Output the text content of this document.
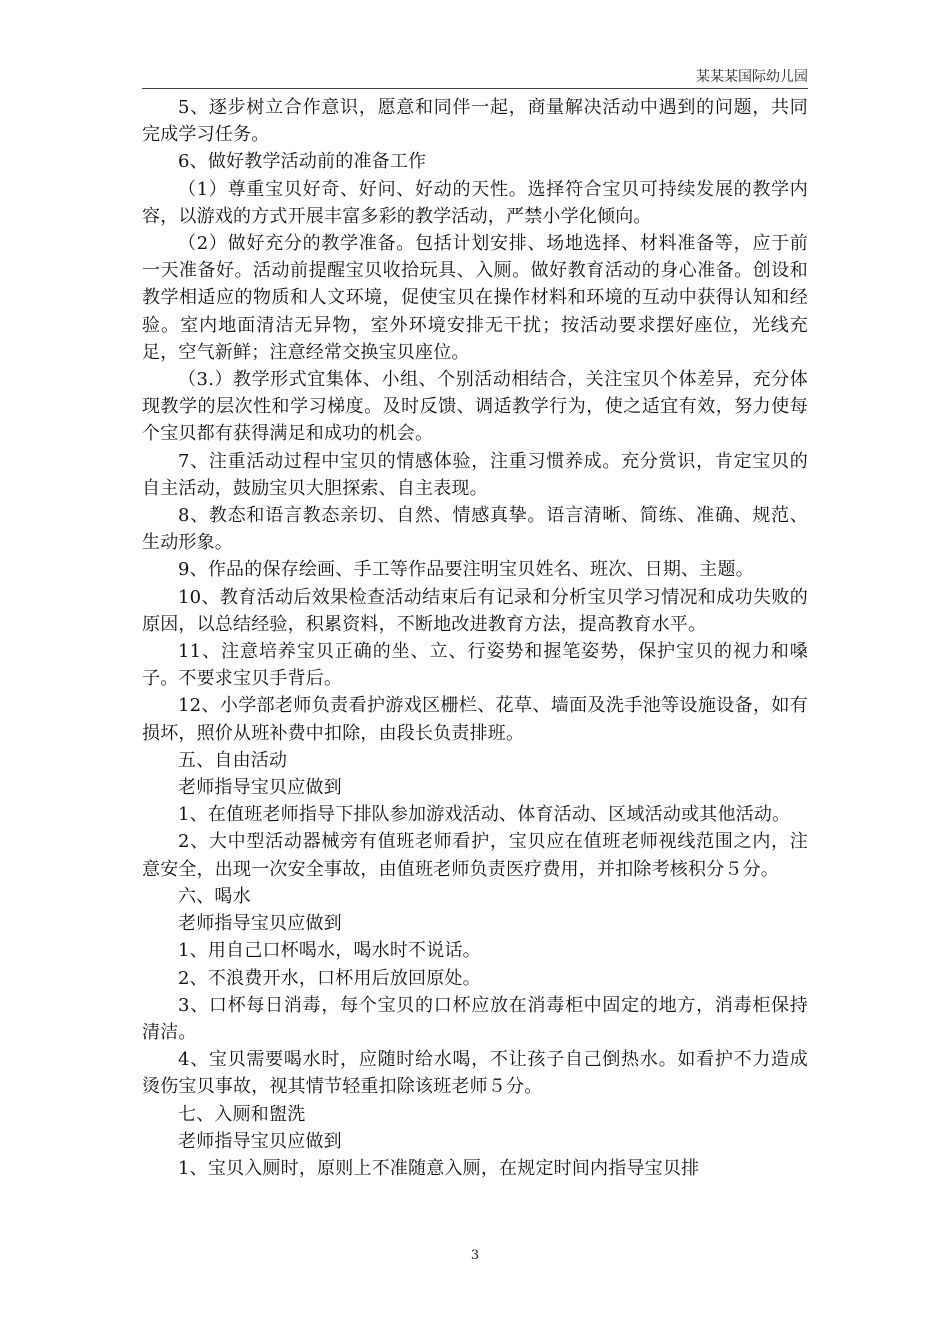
某某某国际幼儿园

5、逐步树立合作意识，愿意和同伴一起，商量解决活动中遇到的问题，共同完成学习任务。

6、做好教学活动前的准备工作

（1）尊重宝贝好奇、好问、好动的天性。选择符合宝贝可持续发展的教学内容，以游戏的方式开展丰富多彩的教学活动，严禁小学化倾向。

（2）做好充分的教学准备。包括计划安排、场地选择、材料准备等，应于前一天准备好。活动前提醒宝贝收拾玩具、入厕。做好教育活动的身心准备。创设和教学相适应的物质和人文环境，促使宝贝在操作材料和环境的互动中获得认知和经验。室内地面清洁无异物，室外环境安排无干扰；按活动要求摆好座位，光线充足，空气新鲜；注意经常交换宝贝座位。

（3.）教学形式宜集体、小组、个别活动相结合，关注宝贝个体差异，充分体现教学的层次性和学习梯度。及时反馈、调适教学行为，使之适宜有效，努力使每个宝贝都有获得满足和成功的机会。

7、注重活动过程中宝贝的情感体验，注重习惯养成。充分赏识，肯定宝贝的自主活动，鼓励宝贝大胆探索、自主表现。

8、教态和语言教态亲切、自然、情感真挚。语言清晰、简练、准确、规范、生动形象。

9、作品的保存绘画、手工等作品要注明宝贝姓名、班次、日期、主题。

10、教育活动后效果检查活动结束后有记录和分析宝贝学习情况和成功失败的原因，以总结经验，积累资料，不断地改进教育方法，提高教育水平。

11、注意培养宝贝正确的坐、立、行姿势和握笔姿势，保护宝贝的视力和嗓子。不要求宝贝手背后。

12、小学部老师负责看护游戏区栅栏、花草、墙面及洗手池等设施设备，如有损坏，照价从班补费中扣除，由段长负责排班。

五、自由活动

老师指导宝贝应做到

1、在值班老师指导下排队参加游戏活动、体育活动、区域活动或其他活动。

2、大中型活动器械旁有值班老师看护，宝贝应在值班老师视线范围之内，注意安全，出现一次安全事故，由值班老师负责医疗费用，并扣除考核积分５分。

六、喝水

老师指导宝贝应做到

1、用自己口杯喝水，喝水时不说话。

2、不浪费开水，口杯用后放回原处。

3、口杯每日消毒，每个宝贝的口杯应放在消毒柜中固定的地方，消毒柜保持清洁。

4、宝贝需要喝水时，应随时给水喝，不让孩子自己倒热水。如看护不力造成烫伤宝贝事故，视其情节轻重扣除该班老师５分。

七、入厕和盥洗

老师指导宝贝应做到

1、宝贝入厕时，原则上不准随意入厕，在规定时间内指导宝贝排

3
